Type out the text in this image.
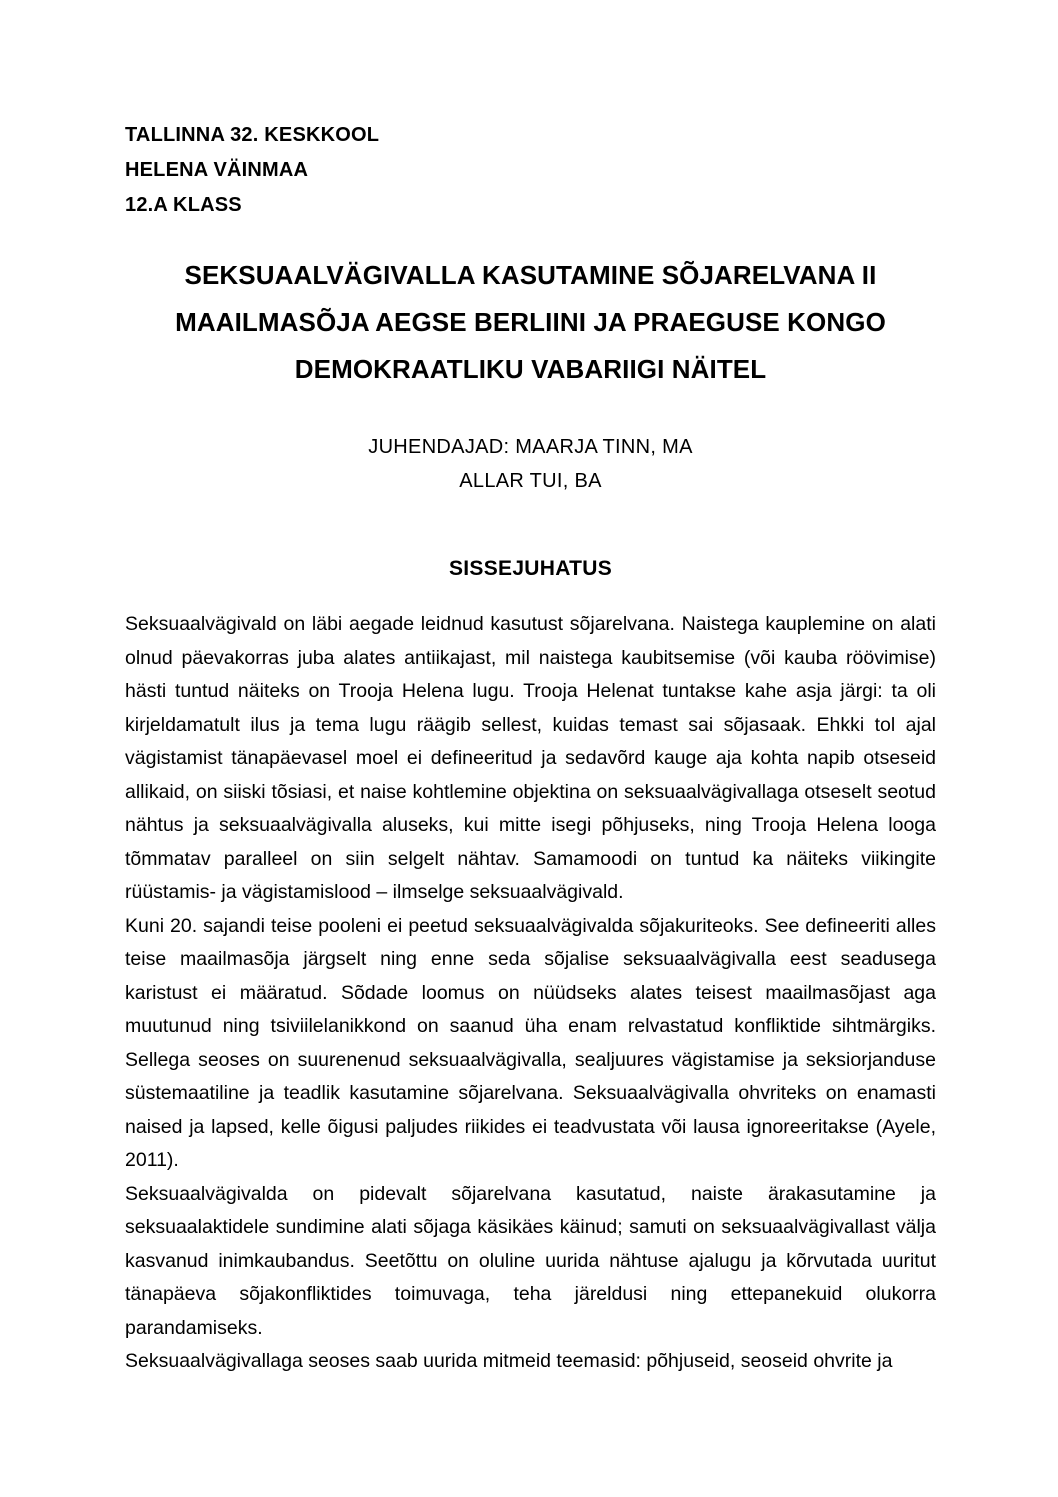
TALLINNA 32. KESKKOOL
HELENA VÄINMAA
12.A KLASS
SEKSUAALVÄGIVALLA KASUTAMINE SÕJARELVANA II
MAAILMASÕJA AEGSE BERLIINI JA PRAEGUSE KONGO
DEMOKRAATLIKU VABARIIGI NÄITEL
JUHENDAJAD: MAARJA TINN, MA
ALLAR TUI, BA
SISSEJUHATUS

Seksuaalvägivald on läbi aegade leidnud kasutust sõjarelvana. Naistega kauplemine on alati olnud päevakorras juba alates antiikajast, mil naistega kaubitsemise (või kauba röövimise) hästi tuntud näiteks on Trooja Helena lugu. Trooja Helenat tuntakse kahe asja järgi: ta oli kirjeldamatult ilus ja tema lugu räägib sellest, kuidas temast sai sõjasaak. Ehkki tol ajal vägistamist tänapäevasel moel ei defineeritud ja sedavõrd kauge aja kohta napib otseseid allikaid, on siiski tõsiasi, et naise kohtlemine objektina on seksuaalvägivallaga otseselt seotud nähtus ja seksuaalvägivalla aluseks, kui mitte isegi põhjuseks, ning Trooja Helena looga tõmmatav paralleel on siin selgelt nähtav. Samamoodi on tuntud ka näiteks viikingite rüüstamis- ja vägistamislood – ilmselge seksuaalvägivald.

Kuni 20. sajandi teise pooleni ei peetud seksuaalvägivalda sõjakuriteoks. See defineeriti alles teise maailmasõja järgselt ning enne seda sõjalise seksuaalvägivalla eest seadusega karistust ei määratud. Sõdade loomus on nüüdseks alates teisest maailmasõjast aga muutunud ning tsiviilelanikkond on saanud üha enam relvastatud konfliktide sihtmärgiks. Sellega seoses on suurenenud seksuaalvägivalla, sealjuures vägistamise ja seksiorjanduse süstemaatiline ja teadlik kasutamine sõjarelvana. Seksuaalvägivalla ohvriteks on enamasti naised ja lapsed, kelle õigusi paljudes riikides ei teadvustata või lausa ignoreeritakse (Ayele, 2011).

Seksuaalvägivalda on pidevalt sõjarelvana kasutatud, naiste ärakasutamine ja seksuaalaktidele sundimine alati sõjaga käsikäes käinud; samuti on seksuaalvägivallast välja kasvanud inimkaubandus. Seetõttu on oluline uurida nähtuse ajalugu ja kõrvutada uuritut tänapäeva sõjakonfliktides toimuvaga, teha järeldusi ning ettepanekuid olukorra parandamiseks.

Seksuaalvägivallaga seoses saab uurida mitmeid teemasid: põhjuseid, seoseid ohvrite ja
